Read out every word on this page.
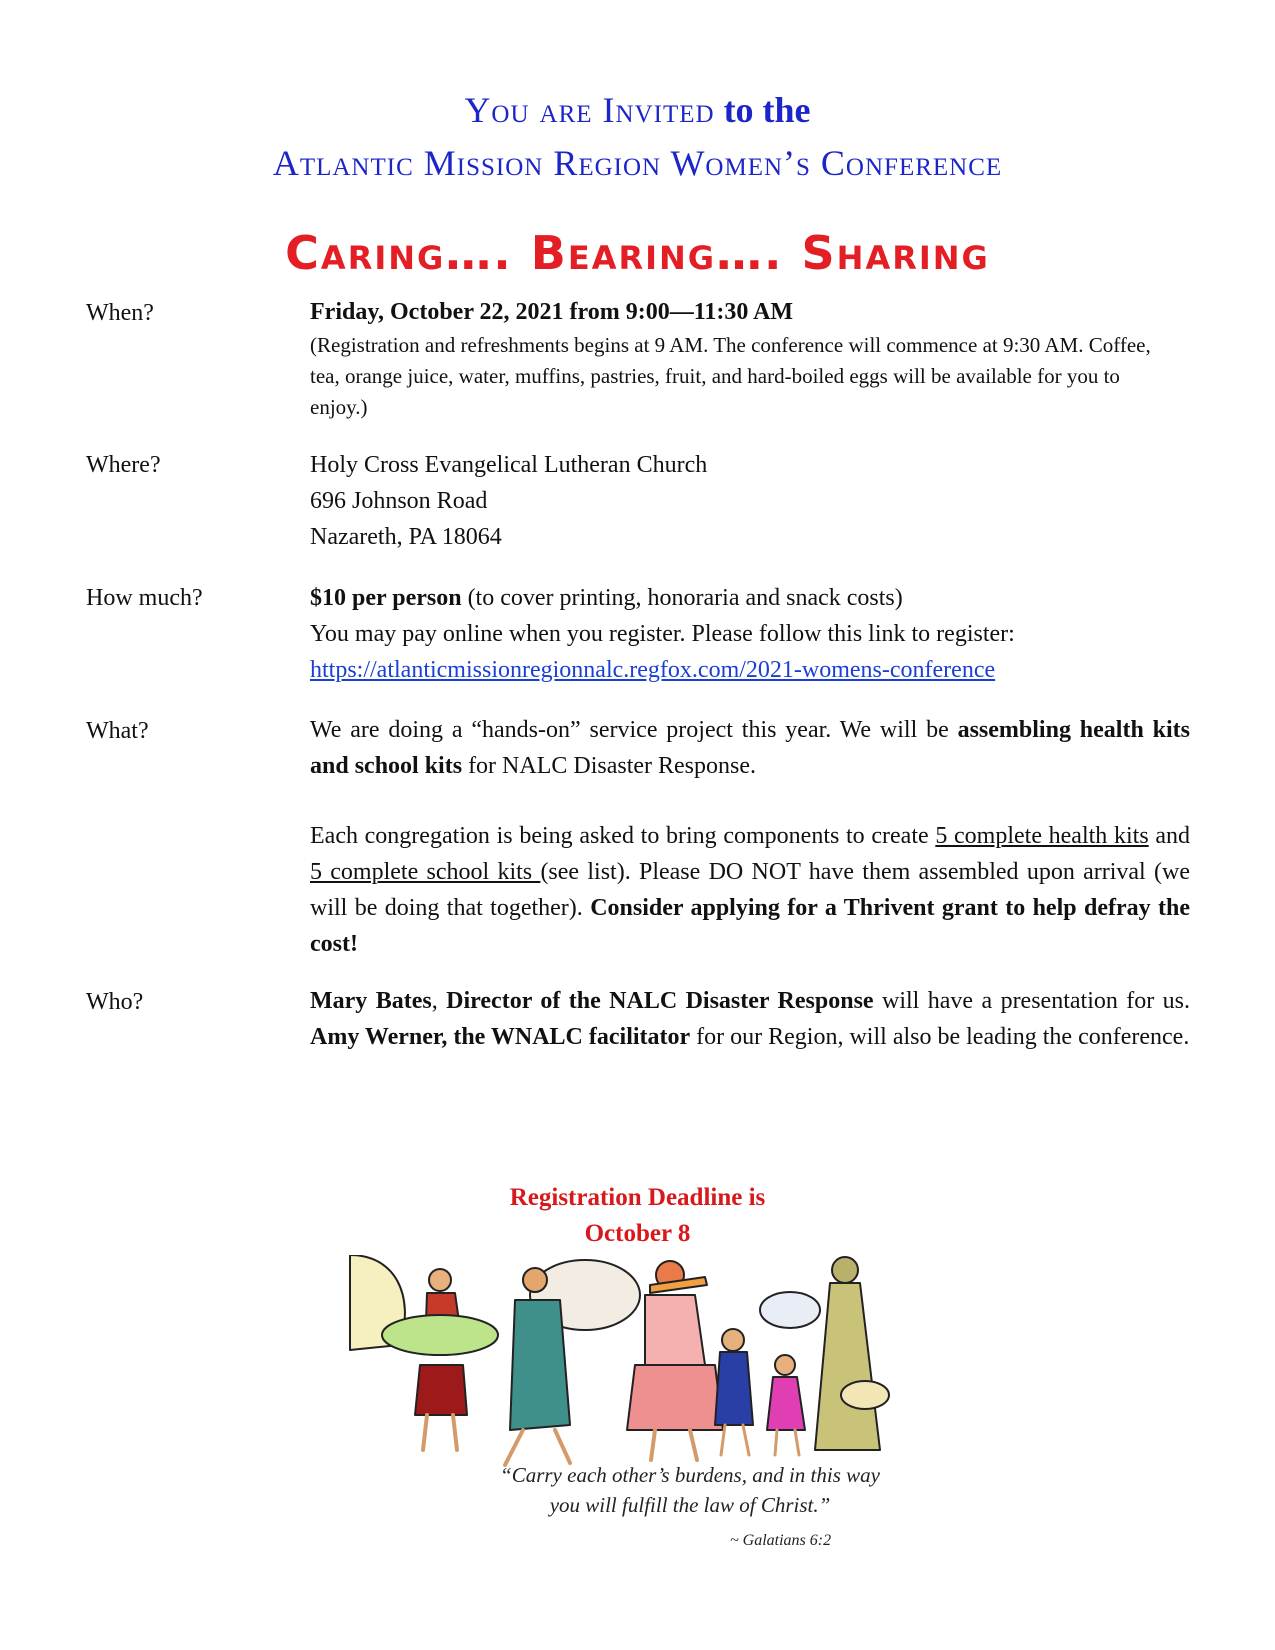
You are Invited to the
Atlantic Mission Region Women’s Conference
Caring…. Bearing…. Sharing
When?	Friday, October 22, 2021 from 9:00—11:30 AM
(Registration and refreshments begins at 9 AM. The conference will commence at 9:30 AM. Coffee, tea, orange juice, water, muffins, pastries, fruit, and hard-boiled eggs will be available for you to enjoy.)
Where?	Holy Cross Evangelical Lutheran Church
696 Johnson Road
Nazareth, PA 18064
How much?	$10 per person (to cover printing, honoraria and snack costs)
You may pay online when you register. Please follow this link to register:
https://atlanticmissionregionnalc.regfox.com/2021-womens-conference
What?	We are doing a “hands-on” service project this year. We will be assembling health kits and school kits for NALC Disaster Response.
Each congregation is being asked to bring components to create 5 complete health kits and 5 complete school kits (see list). Please DO NOT have them assembled upon arrival (we will be doing that together). Consider applying for a Thrivent grant to help defray the cost!
Who?	Mary Bates, Director of the NALC Disaster Response will have a presentation for us. Amy Werner, the WNALC facilitator for our Region, will also be leading the conference.
Registration Deadline is
October 8
“Carry each other’s burdens, and in this way
you will fulfill the law of Christ.”
~ Galatians 6:2
